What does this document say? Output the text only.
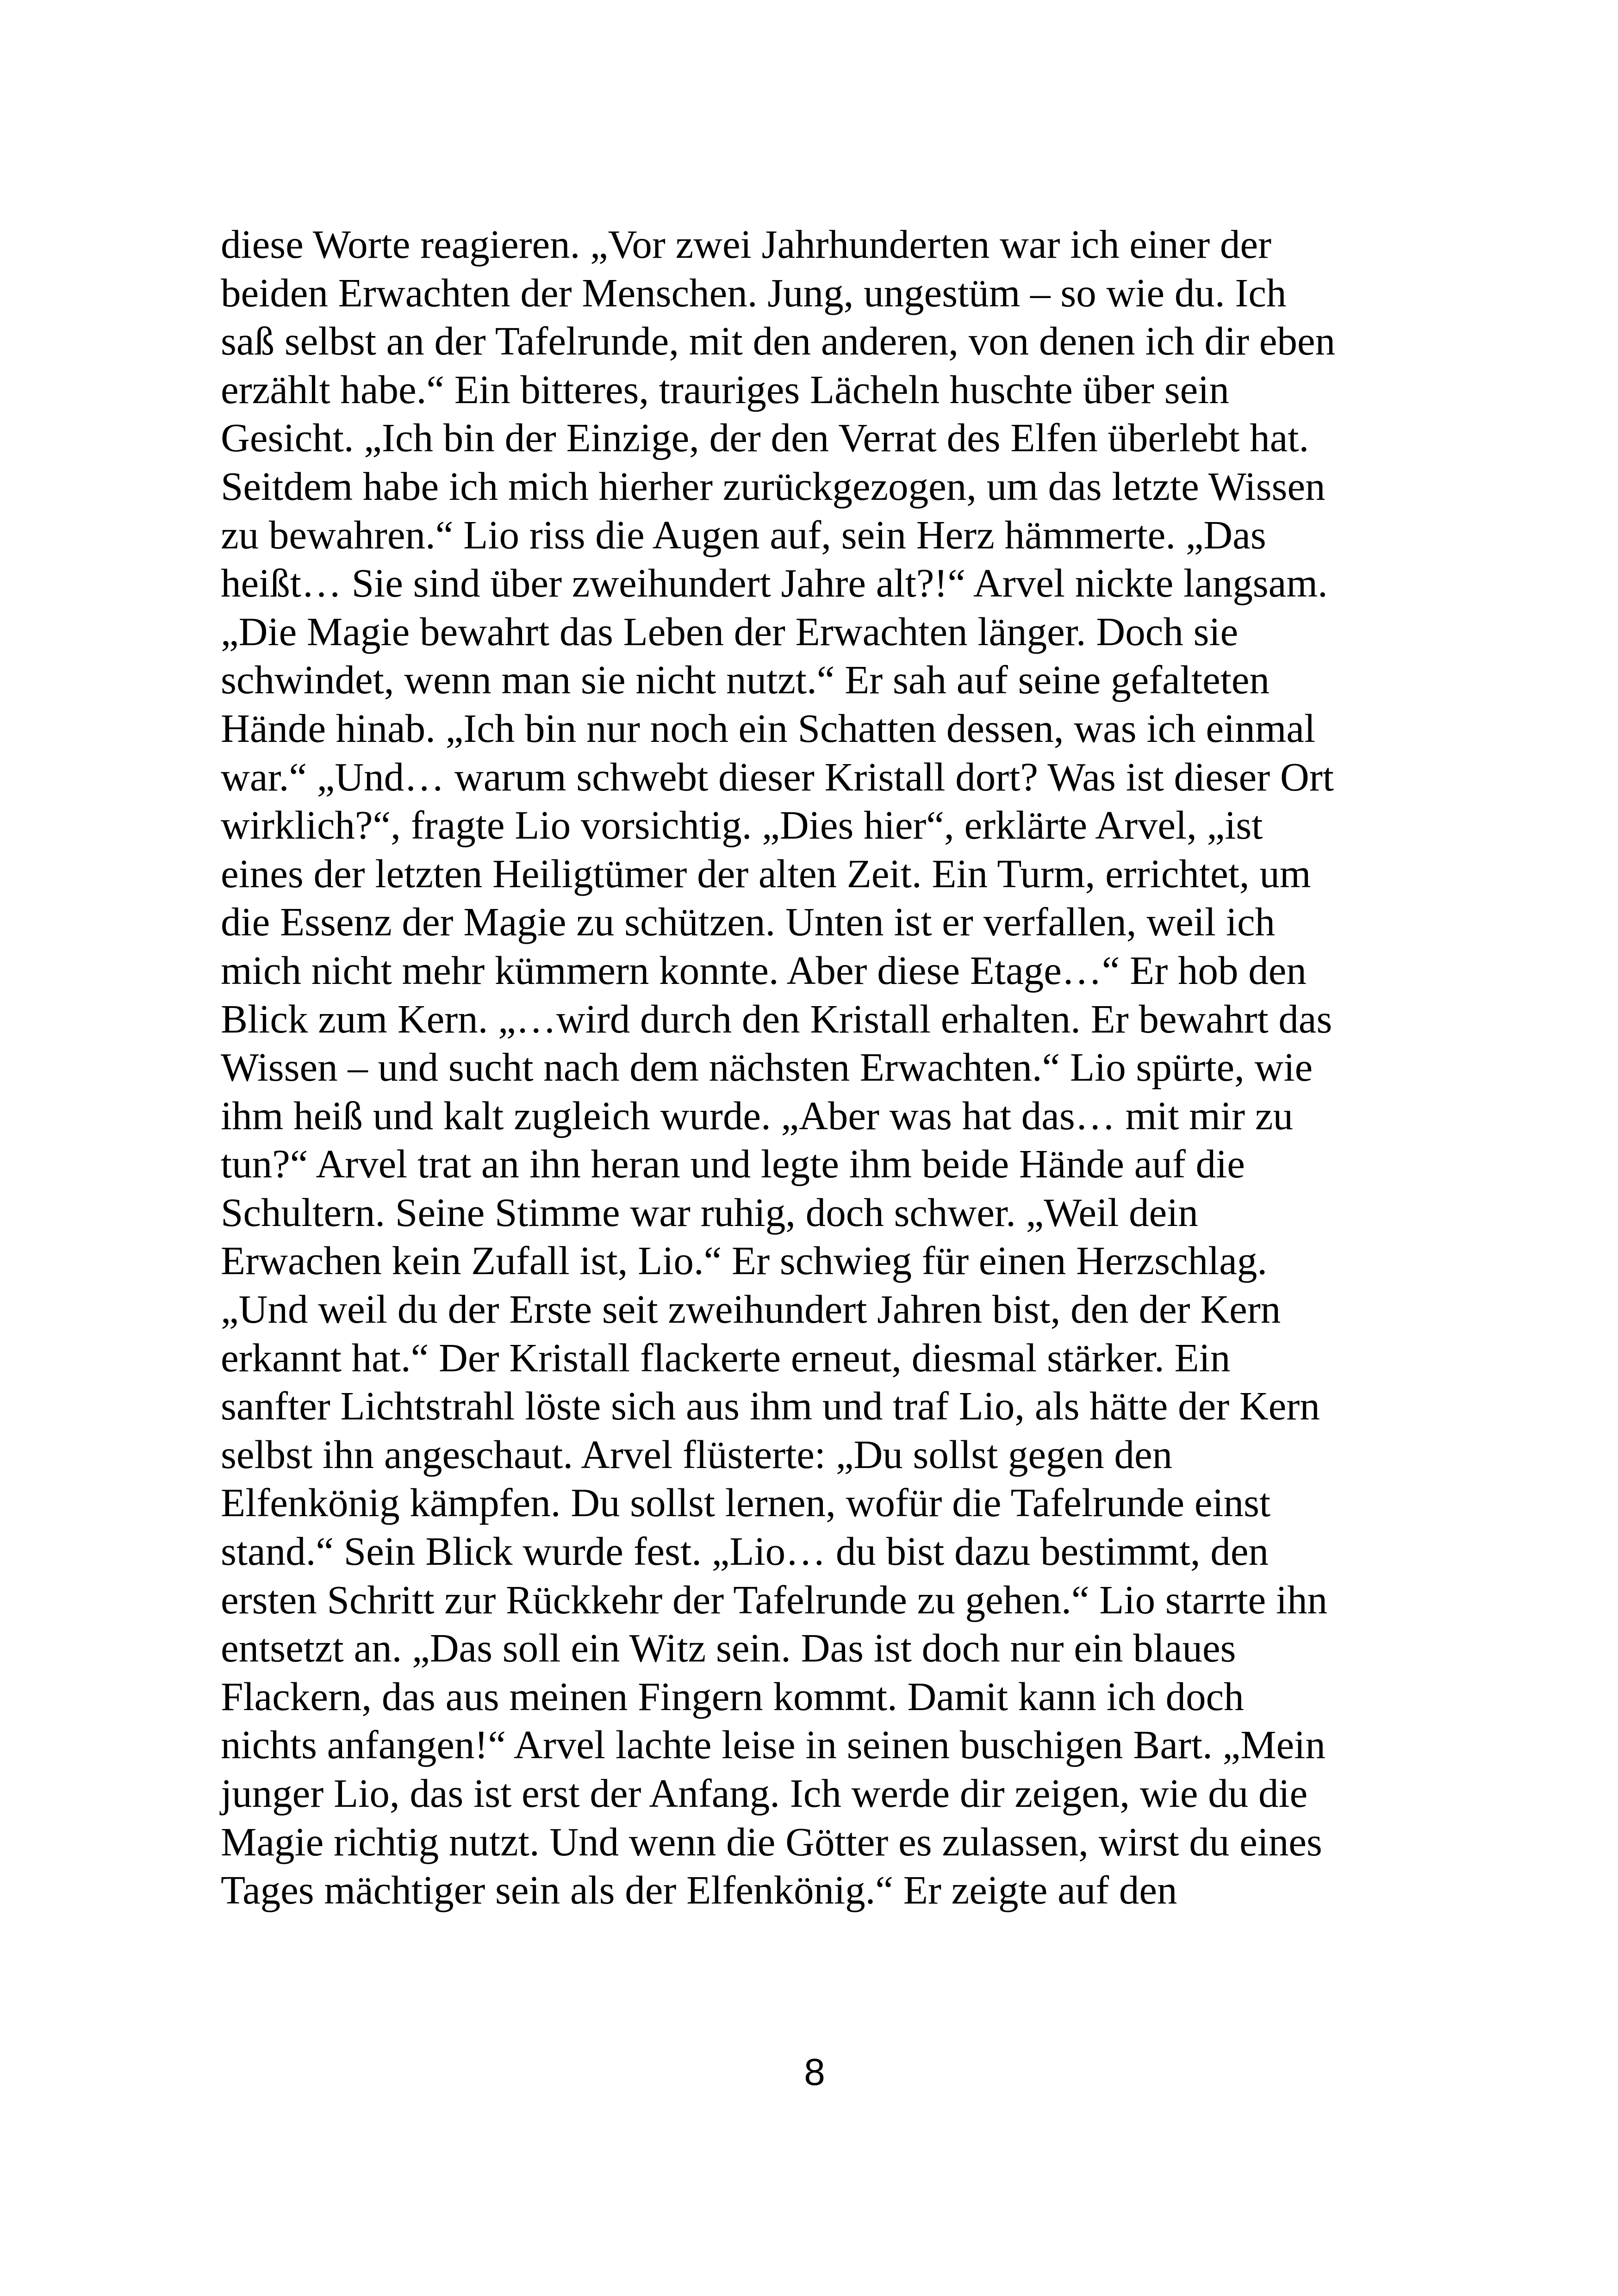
diese Worte reagieren. „Vor zwei Jahrhunderten war ich einer der
beiden Erwachten der Menschen. Jung, ungestüm – so wie du. Ich
saß selbst an der Tafelrunde, mit den anderen, von denen ich dir eben
erzählt habe.“ Ein bitteres, trauriges Lächeln huschte über sein
Gesicht. „Ich bin der Einzige, der den Verrat des Elfen überlebt hat.
Seitdem habe ich mich hierher zurückgezogen, um das letzte Wissen
zu bewahren.“ Lio riss die Augen auf, sein Herz hämmerte. „Das
heißt… Sie sind über zweihundert Jahre alt?!“ Arvel nickte langsam.
„Die Magie bewahrt das Leben der Erwachten länger. Doch sie
schwindet, wenn man sie nicht nutzt.“ Er sah auf seine gefalteten
Hände hinab. „Ich bin nur noch ein Schatten dessen, was ich einmal
war.“ „Und… warum schwebt dieser Kristall dort? Was ist dieser Ort
wirklich?“, fragte Lio vorsichtig. „Dies hier“, erklärte Arvel, „ist
eines der letzten Heiligtümer der alten Zeit. Ein Turm, errichtet, um
die Essenz der Magie zu schützen. Unten ist er verfallen, weil ich
mich nicht mehr kümmern konnte. Aber diese Etage…“ Er hob den
Blick zum Kern. „…wird durch den Kristall erhalten. Er bewahrt das
Wissen – und sucht nach dem nächsten Erwachten.“ Lio spürte, wie
ihm heiß und kalt zugleich wurde. „Aber was hat das… mit mir zu
tun?“ Arvel trat an ihn heran und legte ihm beide Hände auf die
Schultern. Seine Stimme war ruhig, doch schwer. „Weil dein
Erwachen kein Zufall ist, Lio.“ Er schwieg für einen Herzschlag.
„Und weil du der Erste seit zweihundert Jahren bist, den der Kern
erkannt hat.“ Der Kristall flackerte erneut, diesmal stärker. Ein
sanfter Lichtstrahl löste sich aus ihm und traf Lio, als hätte der Kern
selbst ihn angeschaut. Arvel flüsterte: „Du sollst gegen den
Elfenkönig kämpfen. Du sollst lernen, wofür die Tafelrunde einst
stand.“ Sein Blick wurde fest. „Lio… du bist dazu bestimmt, den
ersten Schritt zur Rückkehr der Tafelrunde zu gehen.“ Lio starrte ihn
entsetzt an. „Das soll ein Witz sein. Das ist doch nur ein blaues
Flackern, das aus meinen Fingern kommt. Damit kann ich doch
nichts anfangen!“ Arvel lachte leise in seinen buschigen Bart. „Mein
junger Lio, das ist erst der Anfang. Ich werde dir zeigen, wie du die
Magie richtig nutzt. Und wenn die Götter es zulassen, wirst du eines
Tages mächtiger sein als der Elfenkönig.“ Er zeigte auf den
8
